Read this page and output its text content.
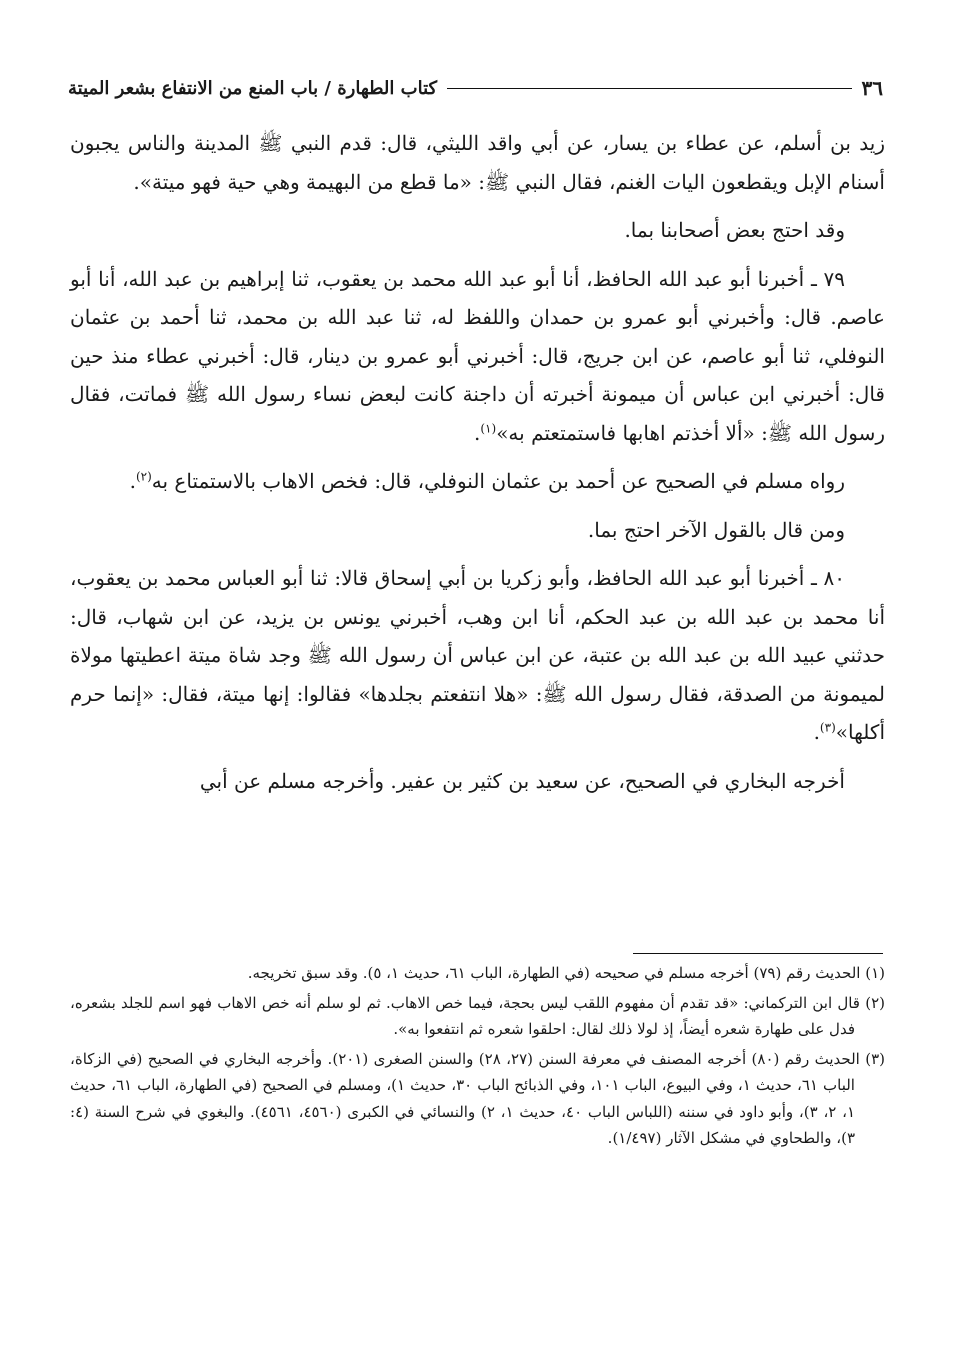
٣٦
كتاب الطهارة / باب المنع من الانتفاع بشعر الميتة

زيد بن أسلم، عن عطاء بن يسار، عن أبي واقد الليثي، قال: قدم النبي ﷺ المدينة والناس يجبون أسنام الإبل ويقطعون اليات الغنم، فقال النبي ﷺ: «ما قطع من البهيمة وهي حية فهو ميتة».

وقد احتج بعض أصحابنا بما.

٧٩ ـ أخبرنا أبو عبد الله الحافظ، أنا أبو عبد الله محمد بن يعقوب، ثنا إبراهيم بن عبد الله، أنا أبو عاصم. قال: وأخبرني أبو عمرو بن حمدان واللفظ له، ثنا عبد الله بن محمد، ثنا أحمد بن عثمان النوفلي، ثنا أبو عاصم، عن ابن جريج، قال: أخبرني أبو عمرو بن دينار، قال: أخبرني عطاء منذ حين قال: أخبرني ابن عباس أن ميمونة أخبرته أن داجنة كانت لبعض نساء رسول الله ﷺ فماتت، فقال رسول الله ﷺ: «ألا أخذتم اهابها فاستمتعتم به»$^{(١)}$.

رواه مسلم في الصحيح عن أحمد بن عثمان النوفلي، قال: فخص الاهاب بالاستمتاع به$^{(٢)}$.

ومن قال بالقول الآخر احتج بما.

٨٠ ـ أخبرنا أبو عبد الله الحافظ، وأبو زكريا بن أبي إسحاق قالا: ثنا أبو العباس محمد بن يعقوب، أنا محمد بن عبد الله بن عبد الحكم، أنا ابن وهب، أخبرني يونس بن يزيد، عن ابن شهاب، قال: حدثني عبيد الله بن عبد الله بن عتبة، عن ابن عباس أن رسول الله ﷺ وجد شاة ميتة اعطيتها مولاة لميمونة من الصدقة، فقال رسول الله ﷺ: «هلا انتفعتم بجلدها» فقالوا: إنها ميتة، فقال: «إنما حرم أكلها»$^{(٣)}$.

أخرجه البخاري في الصحيح، عن سعيد بن كثير بن عفير. وأخرجه مسلم عن أبي

(١) الحديث رقم (٧٩) أخرجه مسلم في صحيحه (في الطهارة، الباب ٦١، حديث ١، ٥). وقد سبق تخريجه.

(٢) قال ابن التركماني: «قد تقدم أن مفهوم اللقب ليس بحجة، فيما خص الاهاب. ثم لو سلم أنه خص الاهاب فهو اسم للجلد بشعره، فدل على طهارة شعره أيضاً، إذ لولا ذلك لقال: احلقوا شعره ثم انتفعوا به».

(٣) الحديث رقم (٨٠) أخرجه المصنف في معرفة السنن (٢٧، ٢٨) والسنن الصغرى (٢٠١). وأخرجه البخاري في الصحيح (في الزكاة، الباب ٦١، حديث ١، وفي البيوع، الباب ١٠١، وفي الذبائح الباب ٣٠، حديث ١)، ومسلم في الصحيح (في الطهارة، الباب ٦١، حديث ١، ٢، ٣)، وأبو داود في سننه (اللباس الباب ٤٠، حديث ١، ٢) والنسائي في الكبرى (٤٥٦٠، ٤٥٦١). والبغوي في شرح السنة (٤: ٣)، والطحاوي في مشكل الآثار (١/٤٩٧).
